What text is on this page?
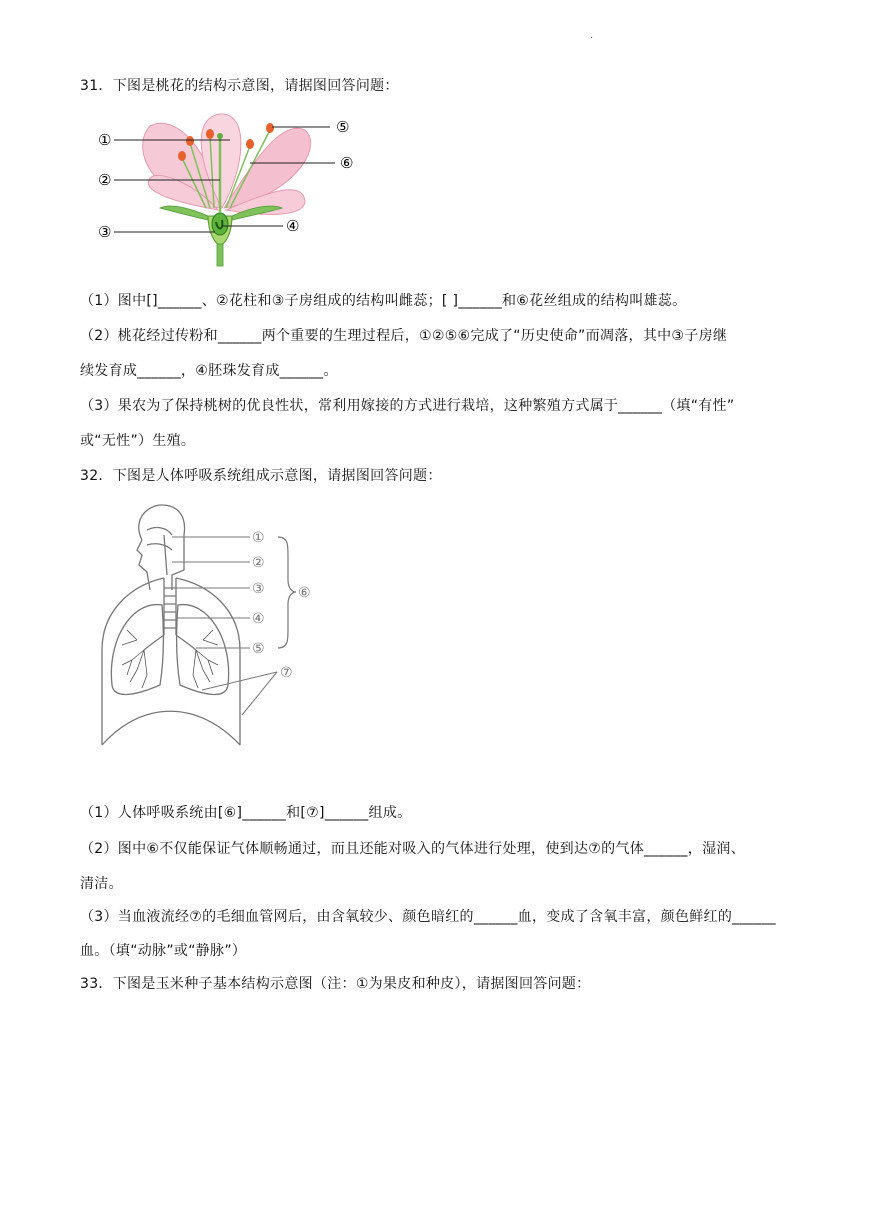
.
31．下图是桃花的结构示意图，请据图回答问题：
①
②
③	④
⑤
⑥
（1）图中[]______、②花柱和③子房组成的结构叫雌蕊；[ ]______和⑥花丝组成的结构叫雄蕊。
（2）桃花经过传粉和______两个重要的生理过程后，①②⑤⑥完成了“历史使命”而凋落，其中③子房继
续发育成______，④胚珠发育成______。
（3）果农为了保持桃树的优良性状，常利用嫁接的方式进行栽培，这种繁殖方式属于______（填“有性”
或“无性”）生殖。
32．下图是人体呼吸系统组成示意图，请据图回答问题：
①
②
③
④
⑤
⑥
⑦
（1）人体呼吸系统由[⑥]______和[⑦]______组成。
（2）图中⑥不仅能保证气体顺畅通过，而且还能对吸入的气体进行处理，使到达⑦的气体______，湿润、
清洁。
（3）当血液流经⑦的毛细血管网后，由含氧较少、颜色暗红的______血，变成了含氧丰富，颜色鲜红的______
血。（填“动脉”或“静脉”）
33．下图是玉米种子基本结构示意图（注：①为果皮和种皮），请据图回答问题：
